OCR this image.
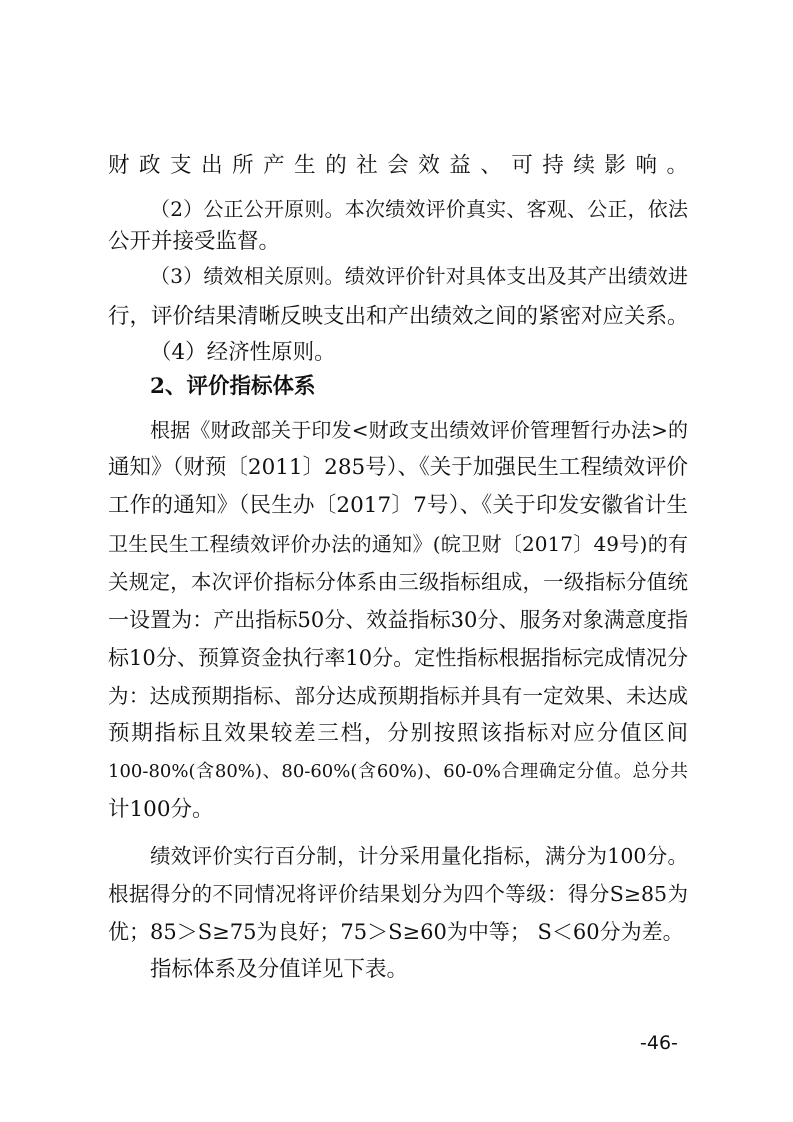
财政支出所产生的社会效益、可持续影响。
（2）公正公开原则。本次绩效评价真实、客观、公正，依法
公开并接受监督。
（3）绩效相关原则。绩效评价针对具体支出及其产出绩效进
行，评价结果清晰反映支出和产出绩效之间的紧密对应关系。
（4）经济性原则。
2、评价指标体系
根据《财政部关于印发<财政支出绩效评价管理暂行办法>的
通知》（财预〔2011〕285号）、《关于加强民生工程绩效评价
工作的通知》（民生办〔2017〕7号）、《关于印发安徽省计生
卫生民生工程绩效评价办法的通知》(皖卫财〔2017〕49号)的有
关规定，本次评价指标分体系由三级指标组成，一级指标分值统
一设置为：产出指标50分、效益指标30分、服务对象满意度指
标10分、预算资金执行率10分。定性指标根据指标完成情况分
为：达成预期指标、部分达成预期指标并具有一定效果、未达成
预期指标且效果较差三档，分别按照该指标对应分值区间
100-80%(含80%)、80-60%(含60%)、60-0%合理确定分值。总分共
计100分。
绩效评价实行百分制，计分采用量化指标，满分为100分。
根据得分的不同情况将评价结果划分为四个等级：得分S≥85为
优；85＞S≥75为良好；75＞S≥60为中等； S＜60分为差。
指标体系及分值详见下表。
-46-
